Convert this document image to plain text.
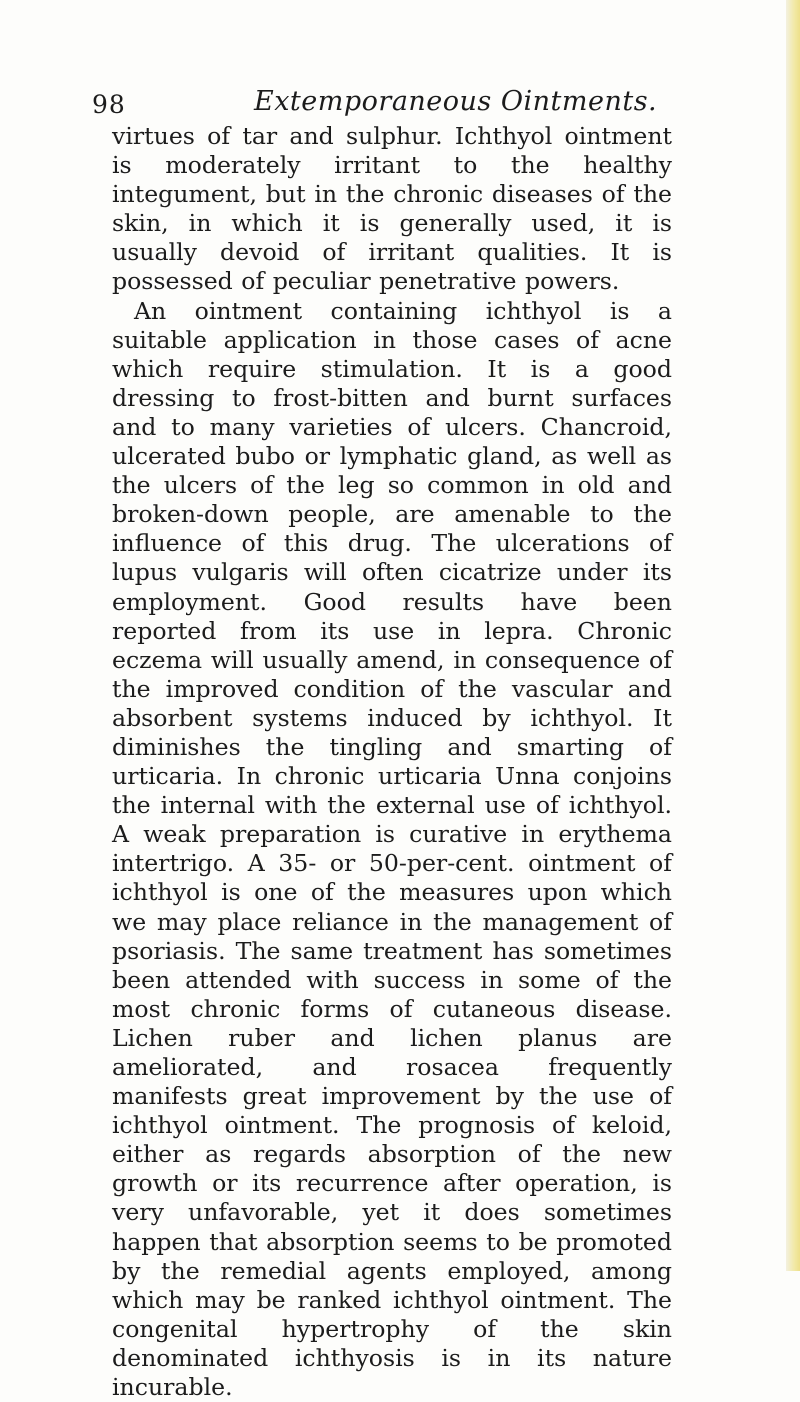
98	Extemporaneous Ointments.

virtues of tar and sulphur. Ichthyol ointment is moderately irritant to the healthy integument, but in the chronic diseases of the skin, in which it is generally used, it is usually devoid of irritant qualities. It is possessed of peculiar penetrative powers.

An ointment containing ichthyol is a suitable application in those cases of acne which require stimulation. It is a good dressing to frost-bitten and burnt surfaces and to many varieties of ulcers. Chancroid, ulcerated bubo or lymphatic gland, as well as the ulcers of the leg so common in old and broken-down people, are amenable to the influence of this drug. The ulcerations of lupus vulgaris will often cicatrize under its employment. Good results have been reported from its use in lepra. Chronic eczema will usually amend, in consequence of the improved condition of the vascular and absorbent systems induced by ichthyol. It diminishes the tingling and smarting of urticaria. In chronic urticaria Unna conjoins the internal with the external use of ichthyol. A weak preparation is curative in erythema intertrigo. A 35- or 50-per-cent. ointment of ichthyol is one of the measures upon which we may place reliance in the management of psoriasis. The same treatment has sometimes been attended with success in some of the most chronic forms of cutaneous disease. Lichen ruber and lichen planus are ameliorated, and rosacea frequently manifests great improvement by the use of ichthyol ointment. The prognosis of keloid, either as regards absorption of the new growth or its recurrence after operation, is very unfavorable, yet it does sometimes happen that absorption seems to be promoted by the remedial agents employed, among which may be ranked ichthyol ointment. The congenital hypertrophy of the skin denominated ichthyosis is in its nature incurable.
